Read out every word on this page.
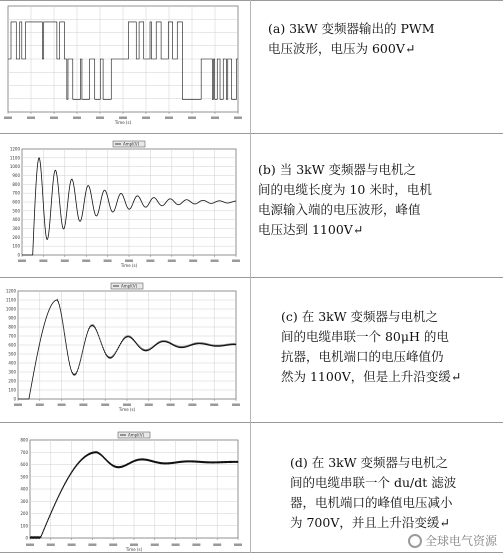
Time (s)
(a) 3kW 变频器输出的 PWM
电压波形，电压为 600V↵
1200
1100
1000
900
800
700
600
500
400
300
200
100
0
Time (s)
Ampl(V)
(b) 当 3kW 变频器与电机之
间的电缆长度为 10 米时，电机
电源输入端的电压波形，峰值
电压达到 1100V↵
1200
1100
1000
900
800
700
600
500
400
300
200
100
0
Time (s)
Ampl(V)
(c) 在 3kW 变频器与电机之
间的电缆串联一个 80μH 的电
抗器，电机端口的电压峰值仍
然为 1100V，但是上升沿变缓↵
800
700
600
500
400
300
200
100
0
Time (s)
Ampl(V)
(d) 在 3kW 变频器与电机之
间的电缆串联一个 du/dt 滤波
器，电机端口的峰值电压减小
为 700V，并且上升沿变缓↵
全球电气资源
